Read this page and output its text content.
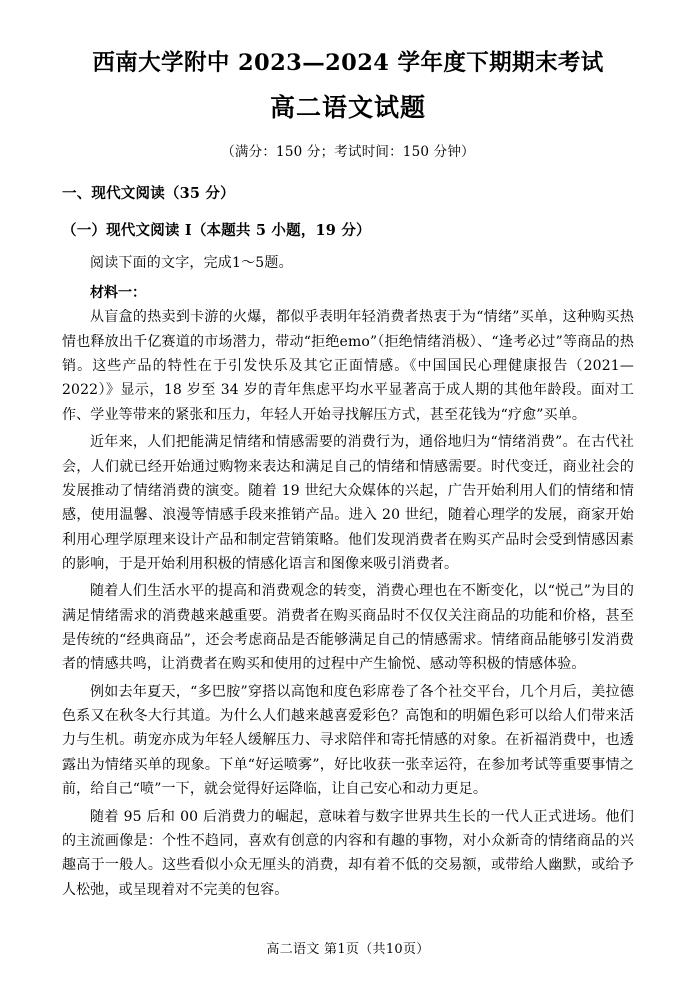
西南大学附中 2023—2024 学年度下期期末考试
高二语文试题
（满分：150 分；考试时间：150 分钟）
一、现代文阅读（35 分）
（一）现代文阅读 I（本题共 5 小题，19 分）
阅读下面的文字，完成1～5题。
材料一：

从盲盒的热卖到卡游的火爆，都似乎表明年轻消费者热衷于为“情绪”买单，这种购买热情也释放出千亿赛道的市场潜力，带动“拒绝emo”（拒绝情绪消极）、“逢考必过”等商品的热销。这些产品的特性在于引发快乐及其它正面情感。《中国国民心理健康报告（2021—2022）》显示，18 岁至 34 岁的青年焦虑平均水平显著高于成人期的其他年龄段。面对工作、学业等带来的紧张和压力，年轻人开始寻找解压方式，甚至花钱为“疗愈”买单。

近年来，人们把能满足情绪和情感需要的消费行为，通俗地归为“情绪消费”。在古代社会，人们就已经开始通过购物来表达和满足自己的情绪和情感需要。时代变迁，商业社会的发展推动了情绪消费的演变。随着 19 世纪大众媒体的兴起，广告开始利用人们的情绪和情感，使用温馨、浪漫等情感手段来推销产品。进入 20 世纪，随着心理学的发展，商家开始利用心理学原理来设计产品和制定营销策略。他们发现消费者在购买产品时会受到情感因素的影响，于是开始利用积极的情感化语言和图像来吸引消费者。

随着人们生活水平的提高和消费观念的转变，消费心理也在不断变化，以“悦己”为目的满足情绪需求的消费越来越重要。消费者在购买商品时不仅仅关注商品的功能和价格，甚至是传统的“经典商品”，还会考虑商品是否能够满足自己的情感需求。情绪商品能够引发消费者的情感共鸣，让消费者在购买和使用的过程中产生愉悦、感动等积极的情感体验。

例如去年夏天，“多巴胺”穿搭以高饱和度色彩席卷了各个社交平台，几个月后，美拉德色系又在秋冬大行其道。为什么人们越来越喜爱彩色？高饱和的明媚色彩可以给人们带来活力与生机。萌宠亦成为年轻人缓解压力、寻求陪伴和寄托情感的对象。在祈福消费中，也透露出为情绪买单的现象。下单“好运喷雾”，好比收获一张幸运符，在参加考试等重要事情之前，给自己“喷”一下，就会觉得好运降临，让自己安心和动力更足。

随着 95 后和 00 后消费力的崛起，意味着与数字世界共生长的一代人正式进场。他们的主流画像是：个性不趋同，喜欢有创意的内容和有趣的事物，对小众新奇的情绪商品的兴趣高于一般人。这些看似小众无厘头的消费，却有着不低的交易额，或带给人幽默，或给予人松弛，或呈现着对不完美的包容。

高二语文 第1页（共10页）
